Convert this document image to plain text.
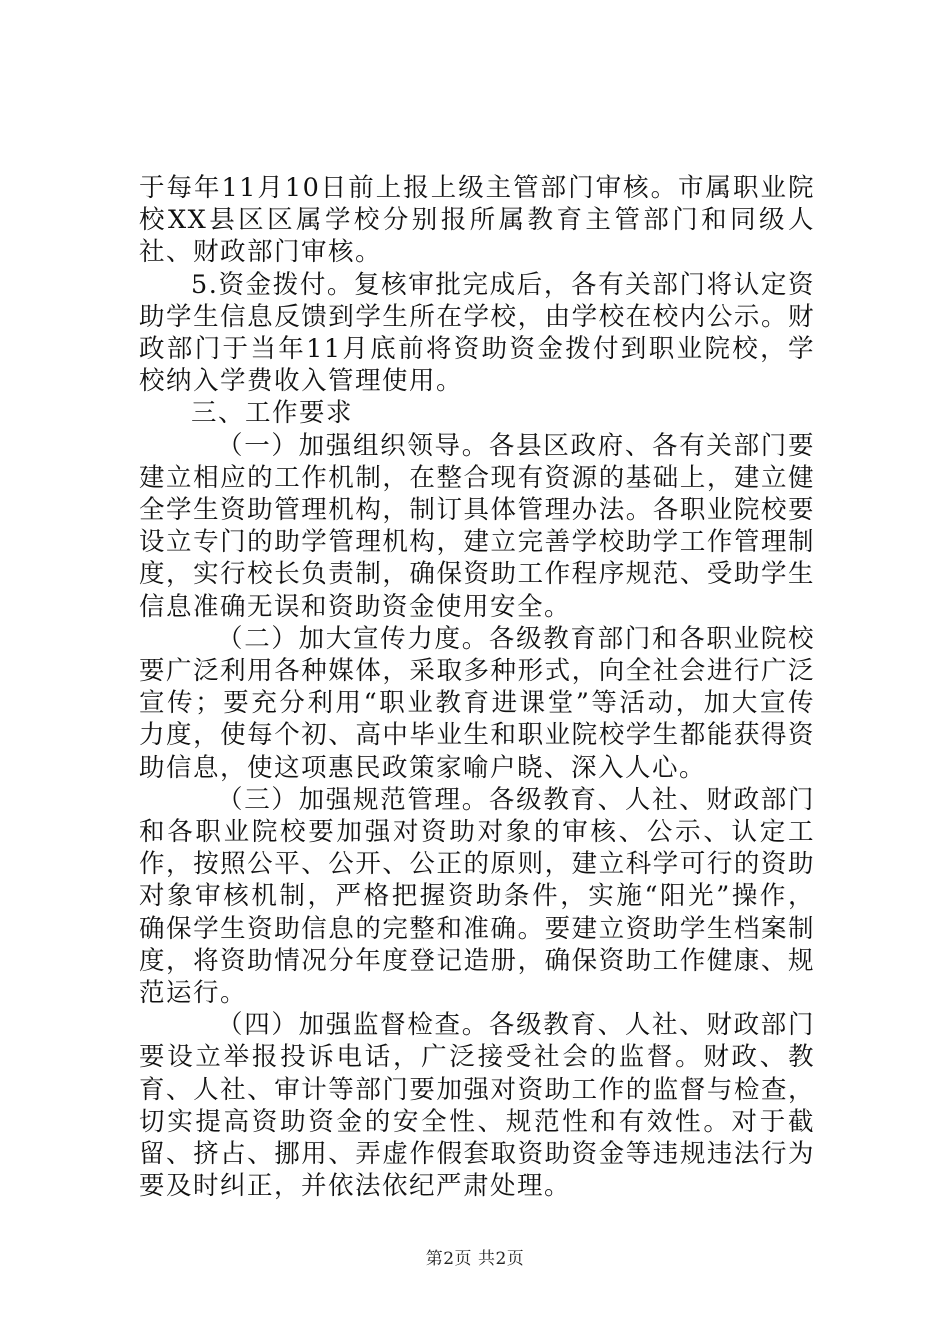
于每年11月10日前上报上级主管部门审核。市属职业院校XX县区区属学校分别报所属教育主管部门和同级人社、财政部门审核。

5.资金拨付。复核审批完成后，各有关部门将认定资助学生信息反馈到学生所在学校，由学校在校内公示。财政部门于当年11月底前将资助资金拨付到职业院校，学校纳入学费收入管理使用。

三、工作要求

（一）加强组织领导。各县区政府、各有关部门要建立相应的工作机制，在整合现有资源的基础上，建立健全学生资助管理机构，制订具体管理办法。各职业院校要设立专门的助学管理机构，建立完善学校助学工作管理制度，实行校长负责制，确保资助工作程序规范、受助学生信息准确无误和资助资金使用安全。

（二）加大宣传力度。各级教育部门和各职业院校要广泛利用各种媒体，采取多种形式，向全社会进行广泛宣传；要充分利用“职业教育进课堂”等活动，加大宣传力度，使每个初、高中毕业生和职业院校学生都能获得资助信息，使这项惠民政策家喻户晓、深入人心。

（三）加强规范管理。各级教育、人社、财政部门和各职业院校要加强对资助对象的审核、公示、认定工作，按照公平、公开、公正的原则，建立科学可行的资助对象审核机制，严格把握资助条件，实施“阳光”操作，确保学生资助信息的完整和准确。要建立资助学生档案制度，将资助情况分年度登记造册，确保资助工作健康、规范运行。

（四）加强监督检查。各级教育、人社、财政部门要设立举报投诉电话，广泛接受社会的监督。财政、教育、人社、审计等部门要加强对资助工作的监督与检查，切实提高资助资金的安全性、规范性和有效性。对于截留、挤占、挪用、弄虚作假套取资助资金等违规违法行为要及时纠正，并依法依纪严肃处理。

第2页 共2页
